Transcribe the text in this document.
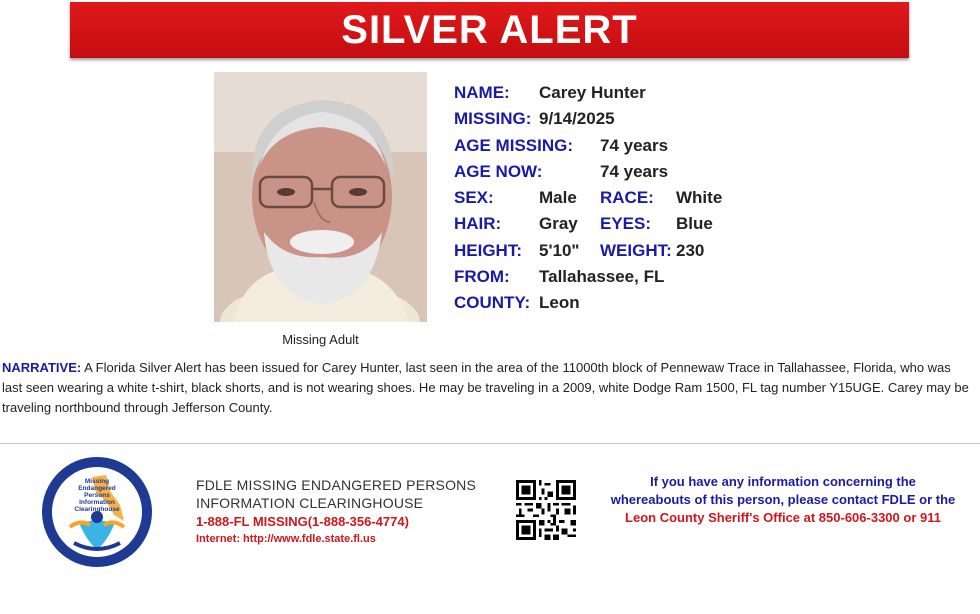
SILVER ALERT
Missing Adult
NAME: Carey Hunter
MISSING: 9/14/2025
AGE MISSING: 74 years
AGE NOW:	74 years
SEX:	Male RACE: White
HAIR: Gray EYES: Blue
HEIGHT: 5'10" WEIGHT: 230
FROM: Tallahassee, FL
COUNTY: Leon
NARRATIVE: A Florida Silver Alert has been issued for Carey Hunter, last seen in the area of the 11000th block of Pennewaw Trace in Tallahassee, Florida, who was last seen wearing a white t-shirt, black shorts, and is not wearing shoes. He may be traveling in a 2009, white Dodge Ram 1500, FL tag number Y15UGE. Carey may be traveling northbound through Jefferson County.
Missing
Endangered
Persons
Information
Clearinghouse
FDLE MISSING ENDANGERED PERSONS
INFORMATION CLEARINGHOUSE
1-888-FL MISSING(1-888-356-4774)
Internet: http://www.fdle.state.fl.us
If you have any information concerning the
whereabouts of this person, please contact FDLE or the
Leon County Sheriff's Office at 850-606-3300 or 911
